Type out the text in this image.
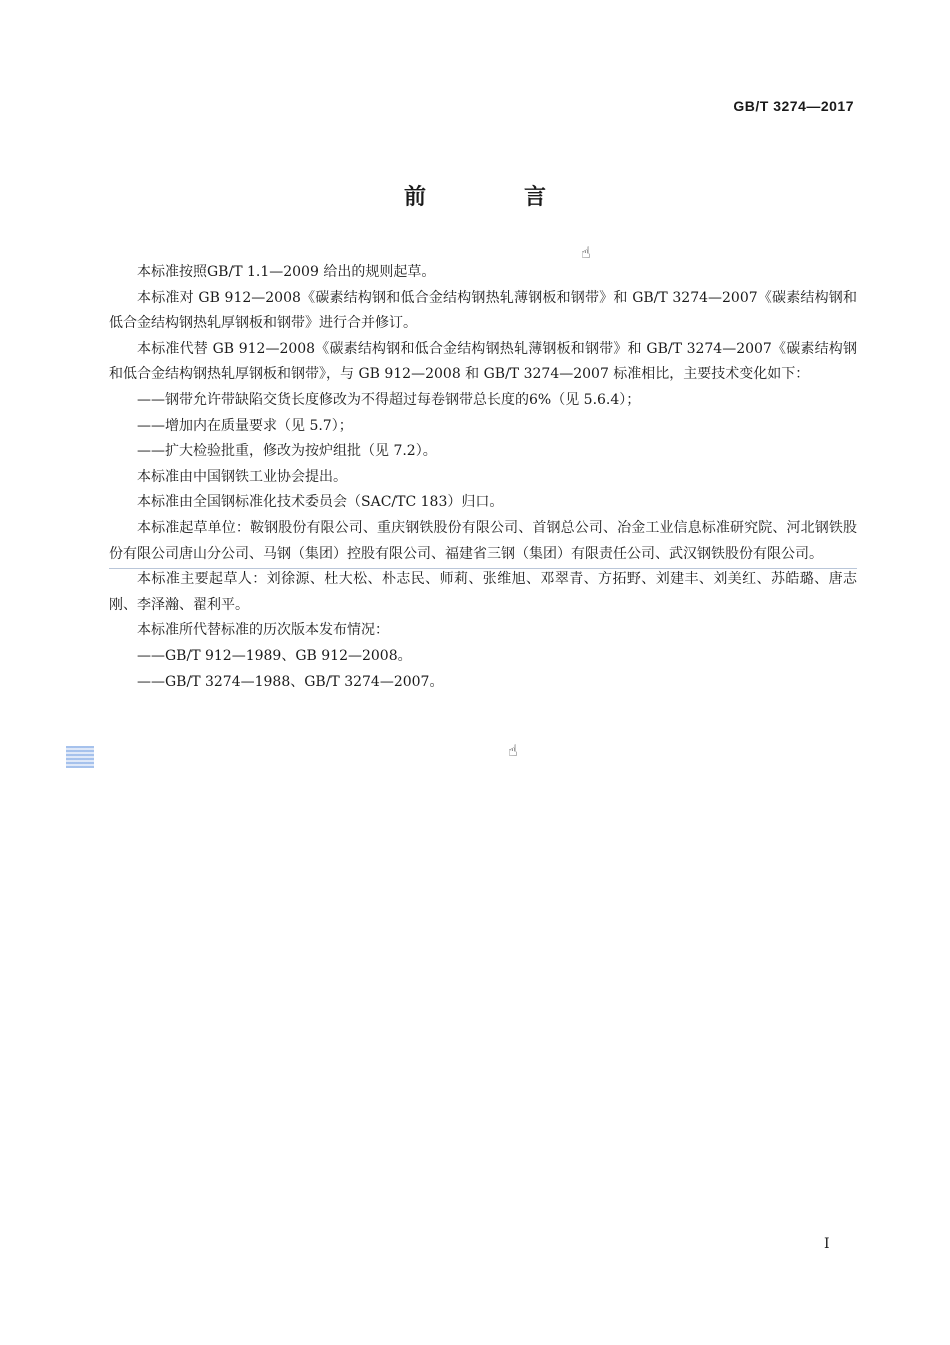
GB/T 3274—2017
前　言
☝

本标准按照GB/T 1.1—2009 给出的规则起草。

本标准对 GB 912—2008《碳素结构钢和低合金结构钢热轧薄钢板和钢带》和 GB/T 3274—2007《碳素结构钢和低合金结构钢热轧厚钢板和钢带》进行合并修订。

本标准代替 GB 912—2008《碳素结构钢和低合金结构钢热轧薄钢板和钢带》和 GB/T 3274—2007《碳素结构钢和低合金结构钢热轧厚钢板和钢带》，与 GB 912—2008 和 GB/T 3274—2007 标准相比，主要技术变化如下：

——钢带允许带缺陷交货长度修改为不得超过每卷钢带总长度的6%（见 5.6.4）；

——增加内在质量要求（见 5.7）；

——扩大检验批重，修改为按炉组批（见 7.2）。

本标准由中国钢铁工业协会提出。

本标准由全国钢标准化技术委员会（SAC/TC 183）归口。

本标准起草单位：鞍钢股份有限公司、重庆钢铁股份有限公司、首钢总公司、冶金工业信息标准研究院、河北钢铁股份有限公司唐山分公司、马钢（集团）控股有限公司、福建省三钢（集团）有限责任公司、武汉钢铁股份有限公司。

本标准主要起草人：刘徐源、杜大松、朴志民、师莉、张维旭、邓翠青、方拓野、刘建丰、刘美红、苏皓璐、唐志刚、李泽瀚、翟利平。

本标准所代替标准的历次版本发布情况：

——GB/T 912—1989、GB 912—2008。

——GB/T 3274—1988、GB/T 3274—2007。

☝
I
